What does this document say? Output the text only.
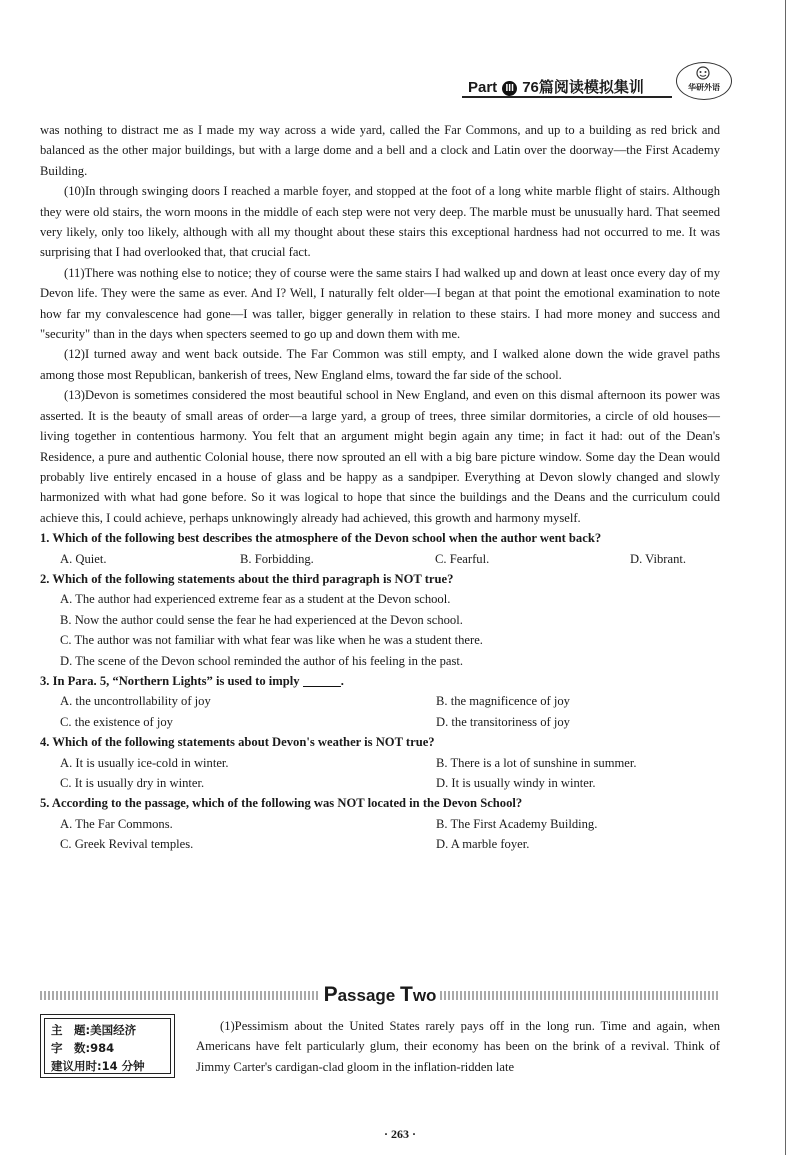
Part III 76篇阅读模拟集训	华研外语

was nothing to distract me as I made my way across a wide yard, called the Far Commons, and up to a building as red brick and balanced as the other major buildings, but with a large dome and a bell and a clock and Latin over the doorway—the First Academy Building.

(10)In through swinging doors I reached a marble foyer, and stopped at the foot of a long white marble flight of stairs. Although they were old stairs, the worn moons in the middle of each step were not very deep. The marble must be unusually hard. That seemed very likely, only too likely, although with all my thought about these stairs this exceptional hardness had not occurred to me. It was surprising that I had overlooked that, that crucial fact.

(11)There was nothing else to notice; they of course were the same stairs I had walked up and down at least once every day of my Devon life. They were the same as ever. And I? Well, I naturally felt older—I began at that point the emotional examination to note how far my convalescence had gone—I was taller, bigger generally in relation to these stairs. I had more money and success and "security" than in the days when specters seemed to go up and down them with me.

(12)I turned away and went back outside. The Far Common was still empty, and I walked alone down the wide gravel paths among those most Republican, bankerish of trees, New England elms, toward the far side of the school.

(13)Devon is sometimes considered the most beautiful school in New England, and even on this dismal afternoon its power was asserted. It is the beauty of small areas of order—a large yard, a group of trees, three similar dormitories, a circle of old houses—living together in contentious harmony. You felt that an argument might begin again any time; in fact it had: out of the Dean's Residence, a pure and authentic Colonial house, there now sprouted an ell with a big bare picture window. Some day the Dean would probably live entirely encased in a house of glass and be happy as a sandpiper. Everything at Devon slowly changed and slowly harmonized with what had gone before. So it was logical to hope that since the buildings and the Deans and the curriculum could achieve this, I could achieve, perhaps unknowingly already had achieved, this growth and harmony myself.

1. Which of the following best describes the atmosphere of the Devon school when the author went back?

A. Quiet.	B. Forbidding.	C. Fearful.	D. Vibrant.

2. Which of the following statements about the third paragraph is NOT true?

A. The author had experienced extreme fear as a student at the Devon school.
B. Now the author could sense the fear he had experienced at the Devon school.
C. The author was not familiar with what fear was like when he was a student there.
D. The scene of the Devon school reminded the author of his feeling in the past.

3. In Para. 5, “Northern Lights” is used to imply	.

A. the uncontrollability of joy	B. the magnificence of joy
C. the existence of joy	D. the transitoriness of joy

4. Which of the following statements about Devon's weather is NOT true?

A. It is usually ice-cold in winter.	B. There is a lot of sunshine in summer.
C. It is usually dry in winter.	D. It is usually windy in winter.

5. According to the passage, which of the following was NOT located in the Devon School?

A. The Far Commons.	B. The First Academy Building.
C. Greek Revival temples.	D. A marble foyer.
Passage Two
主　题:美国经济
字　数:984
建议用时:14 分钟

(1)Pessimism about the United States rarely pays off in the long run. Time and again, when Americans have felt particularly glum, their economy has been on the brink of a revival. Think of Jimmy Carter's cardigan-clad gloom in the inflation-ridden late

· 263 ·
